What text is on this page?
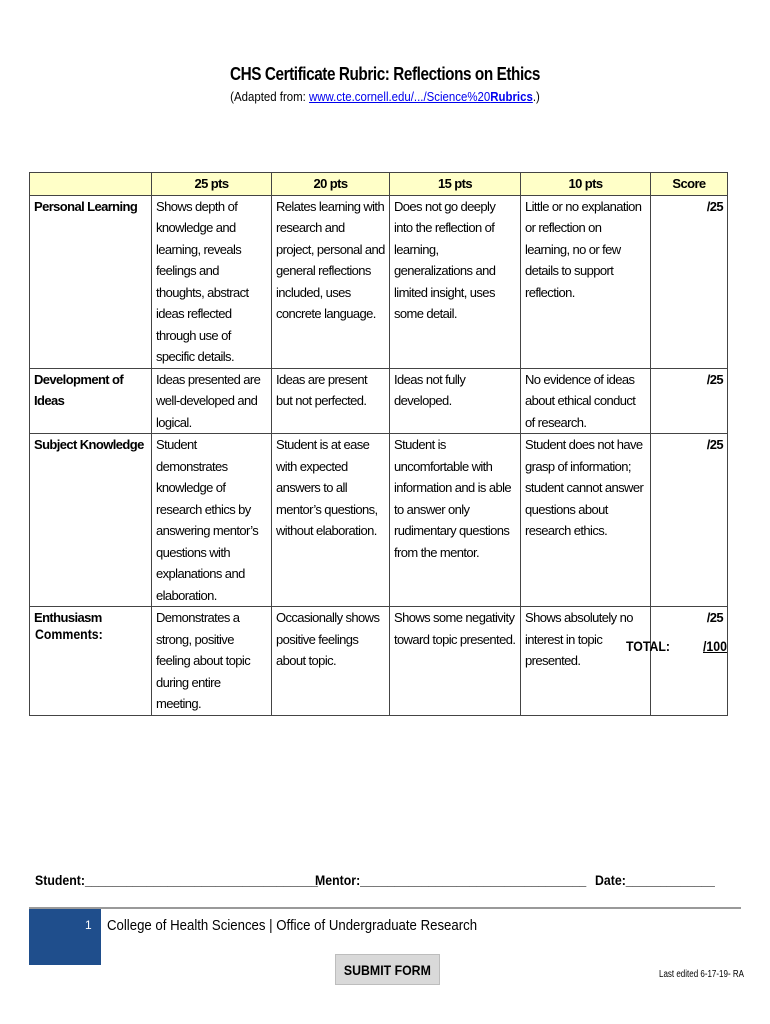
CHS Certificate Rubric: Reflections on Ethics
(Adapted from: www.cte.cornell.edu/.../Science%20Rubrics.)
	25 pts	20 pts	15 pts	10 pts	Score
Personal Learning	Shows depth of knowledge and learning, reveals feelings and thoughts, abstract ideas reflected through use of specific details.	Relates learning with research and project, personal and general reflections included, uses concrete language.	Does not go deeply into the reflection of learning, generalizations and limited insight, uses some detail.	Little or no explanation or reflection on learning, no or few details to support reflection.	/25
Development of Ideas	Ideas presented are well-developed and logical.	Ideas are present but not perfected.	Ideas not fully developed.	No evidence of ideas about ethical conduct of research.	/25
Subject Knowledge	Student demonstrates knowledge of research ethics by answering mentor’s questions with explanations and elaboration.	Student is at ease with expected answers to all mentor’s questions, without elaboration.	Student is uncomfortable with information and is able to answer only rudimentary questions from the mentor.	Student does not have grasp of information; student cannot answer questions about research ethics.	/25
Enthusiasm	Demonstrates a strong, positive feeling about topic during entire meeting.	Occasionally shows positive feelings about topic.	Shows some negativity toward topic presented.	Shows absolutely no interest in topic presented.	/25
Comments:
TOTAL: /100
Student:__________________________________
Mentor:_________________________________ Date:_____________
1 College of Health Sciences | Office of Undergraduate Research
SUBMIT FORM	Last edited 6-17-19- RA
